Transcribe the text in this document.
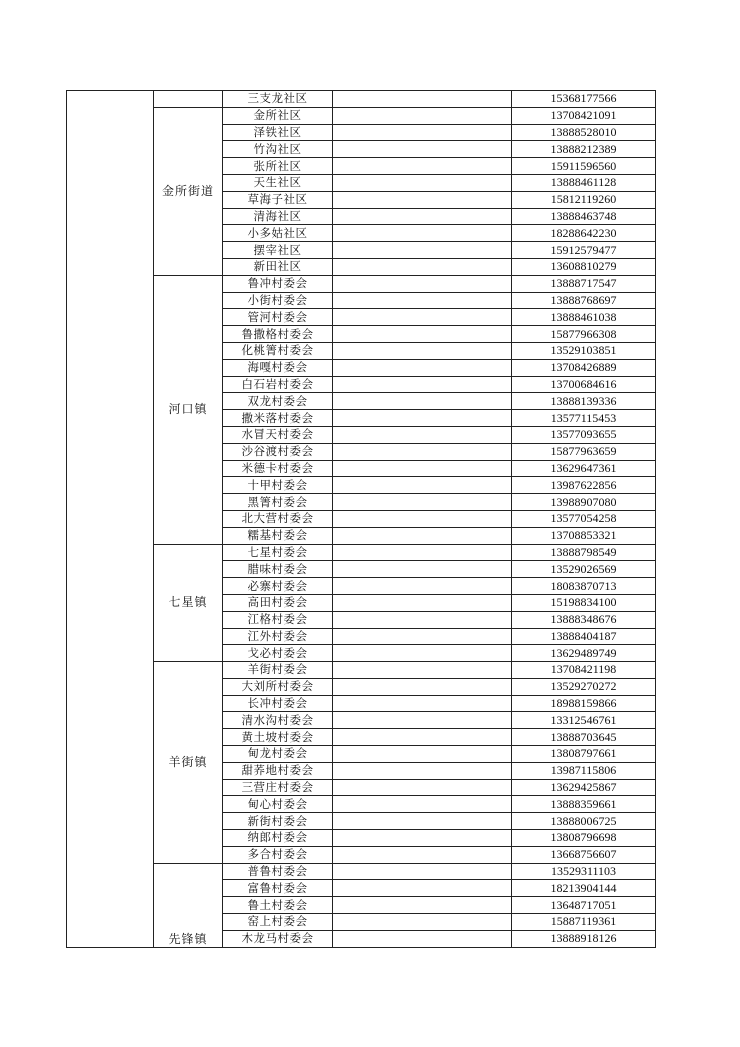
		三支龙社区		15368177566
	金所街道	金所社区		13708421091
		泽铁社区		13888528010
		竹沟社区		13888212389
		张所社区		15911596560
		天生社区		13888461128
		草海子社区		15812119260
		清海社区		13888463748
		小多姑社区		18288642230
		摆宰社区		15912579477
		新田社区		13608810279
	河口镇	鲁冲村委会		13888717547
		小街村委会		13888768697
		管河村委会		13888461038
		鲁撒格村委会		15877966308
		化桃箐村委会		13529103851
		海嘎村委会		13708426889
		白石岩村委会		13700684616
		双龙村委会		13888139336
		撒米落村委会		13577115453
		水冒天村委会		13577093655
		沙谷渡村委会		15877963659
		米德卡村委会		13629647361
		十甲村委会		13987622856
		黑箐村委会		13988907080
		北大营村委会		13577054258
		糯基村委会		13708853321
	七星镇	七星村委会		13888798549
		腊味村委会		13529026569
		必寨村委会		18083870713
		高田村委会		15198834100
		江格村委会		13888348676
		江外村委会		13888404187
		戈必村委会		13629489749
	羊街镇	羊街村委会		13708421198
		大刘所村委会		13529270272
		长冲村委会		18988159866
		清水沟村委会		13312546761
		黄土坡村委会		13888703645
		甸龙村委会		13808797661
		甜荞地村委会		13987115806
		三营庄村委会		13629425867
		甸心村委会		13888359661
		新街村委会		13888006725
		纳郎村委会		13808796698
		多合村委会		13668756607
	先锋镇	普鲁村委会		13529311103
		富鲁村委会		18213904144
		鲁土村委会		13648717051
		窑上村委会		15887119361
		木龙马村委会		13888918126
